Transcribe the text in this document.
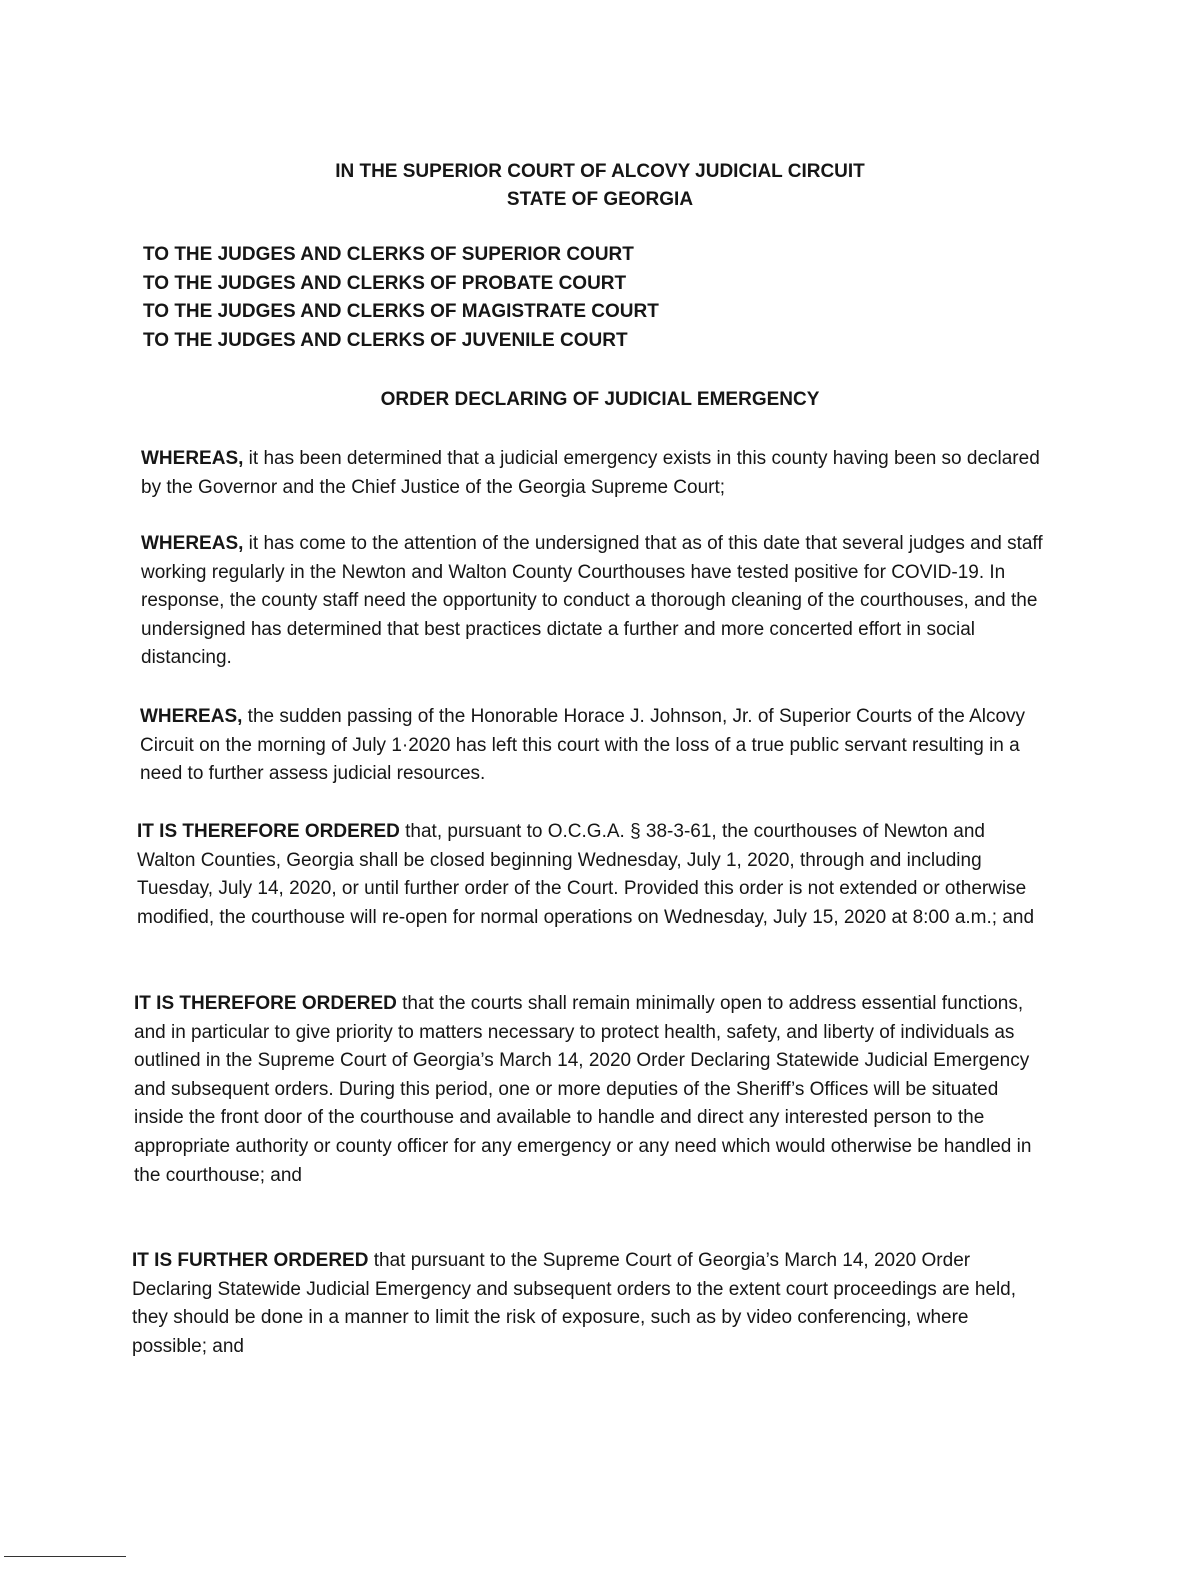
IN THE SUPERIOR COURT OF ALCOVY JUDICIAL CIRCUIT
STATE OF GEORGIA
TO THE JUDGES AND CLERKS OF SUPERIOR COURT
TO THE JUDGES AND CLERKS OF PROBATE COURT
TO THE JUDGES AND CLERKS OF MAGISTRATE COURT
TO THE JUDGES AND CLERKS OF JUVENILE COURT
ORDER DECLARING OF JUDICIAL EMERGENCY
WHEREAS, it has been determined that a judicial emergency exists in this county having been so declared by the Governor and the Chief Justice of the Georgia Supreme Court;
WHEREAS, it has come to the attention of the undersigned that as of this date that several judges and staff working regularly in the Newton and Walton County Courthouses have tested positive for COVID-19. In response, the county staff need the opportunity to conduct a thorough cleaning of the courthouses, and the undersigned has determined that best practices dictate a further and more concerted effort in social distancing.
WHEREAS, the sudden passing of the Honorable Horace J. Johnson, Jr. of Superior Courts of the Alcovy Circuit on the morning of July 1·2020 has left this court with the loss of a true public servant resulting in a need to further assess judicial resources.
IT IS THEREFORE ORDERED that, pursuant to O.C.G.A. § 38-3-61, the courthouses of Newton and Walton Counties, Georgia shall be closed beginning Wednesday, July 1, 2020, through and including Tuesday, July 14, 2020, or until further order of the Court. Provided this order is not extended or otherwise modified, the courthouse will re-open for normal operations on Wednesday, July 15, 2020 at 8:00 a.m.; and
IT IS THEREFORE ORDERED that the courts shall remain minimally open to address essential functions, and in particular to give priority to matters necessary to protect health, safety, and liberty of individuals as outlined in the Supreme Court of Georgia’s March 14, 2020 Order Declaring Statewide Judicial Emergency and subsequent orders. During this period, one or more deputies of the Sheriff’s Offices will be situated inside the front door of the courthouse and available to handle and direct any interested person to the appropriate authority or county officer for any emergency or any need which would otherwise be handled in the courthouse; and
IT IS FURTHER ORDERED that pursuant to the Supreme Court of Georgia’s March 14, 2020 Order Declaring Statewide Judicial Emergency and subsequent orders to the extent court proceedings are held, they should be done in a manner to limit the risk of exposure, such as by video conferencing, where possible; and
